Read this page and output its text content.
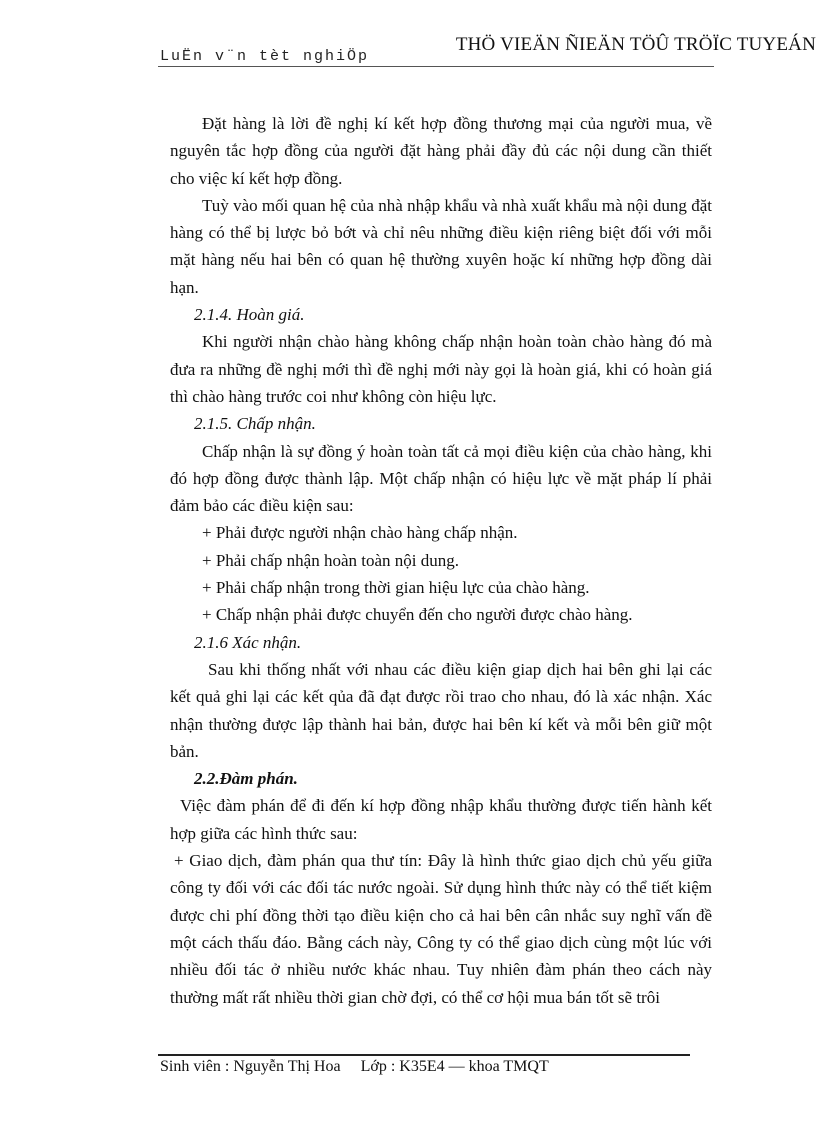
THÖ VIEÄN ÑIEÄN TÖÛ TRÖÏC TUYEÁN
LuËn v¨n tèt nghiÖp

Đặt hàng là lời đề nghị kí kết hợp đồng thương mại của người mua, về nguyên tắc hợp đồng của người đặt hàng phải đầy đủ các nội dung cần thiết cho việc kí kết hợp đồng.

Tuỳ vào mối quan hệ của nhà nhập khẩu và nhà xuất khẩu mà nội dung đặt hàng có thể bị lược bỏ bớt và chỉ nêu những điều kiện riêng biệt đối với mỗi mặt hàng nếu hai bên có quan hệ thường xuyên hoặc kí những hợp đồng dài hạn.

2.1.4. Hoàn giá.

Khi người nhận chào hàng không chấp nhận hoàn toàn chào hàng đó mà đưa ra những đề nghị mới thì đề nghị mới này gọi là hoàn giá, khi có hoàn giá thì chào hàng trước coi như không còn hiệu lực.

2.1.5. Chấp nhận.

Chấp nhận là sự đồng ý hoàn toàn tất cả mọi điều kiện của chào hàng, khi đó hợp đồng được thành lập. Một chấp nhận có hiệu lực về mặt pháp lí phải đảm bảo các điều kiện sau:

+ Phải được người nhận chào hàng chấp nhận.

+ Phải chấp nhận hoàn toàn nội dung.

+ Phải chấp nhận trong thời gian hiệu lực của chào hàng.

+ Chấp nhận phải được chuyển đến cho người được chào hàng.

2.1.6 Xác nhận.

Sau khi thống nhất với nhau các điều kiện giap dịch hai bên ghi lại các kết quả ghi lại các kết qủa đã đạt được rồi trao cho nhau, đó là xác nhận. Xác nhận thường được lập thành hai bản, được hai bên kí kết và mỗi bên giữ một bản.

2.2.Đàm phán.

Việc đàm phán để đi đến kí hợp đồng nhập khẩu thường được tiến hành kết hợp giữa các hình thức sau:

+ Giao dịch, đàm phán qua thư tín: Đây là hình thức giao dịch chủ yếu giữa công ty đối với các đối tác nước ngoài. Sử dụng hình thức này có thể tiết kiệm được chi phí đồng thời tạo điều kiện cho cả hai bên cân nhắc suy nghĩ vấn đề một cách thấu đáo. Bằng cách này, Công ty có thể giao dịch cùng một lúc với nhiều đối tác ở nhiều nước khác nhau. Tuy nhiên đàm phán theo cách này thường mất rất nhiều thời gian chờ đợi, có thể cơ hội mua bán tốt sẽ trôi

Sinh viên : Nguyễn Thị Hoa     Lớp : K35E4 — khoa TMQT
